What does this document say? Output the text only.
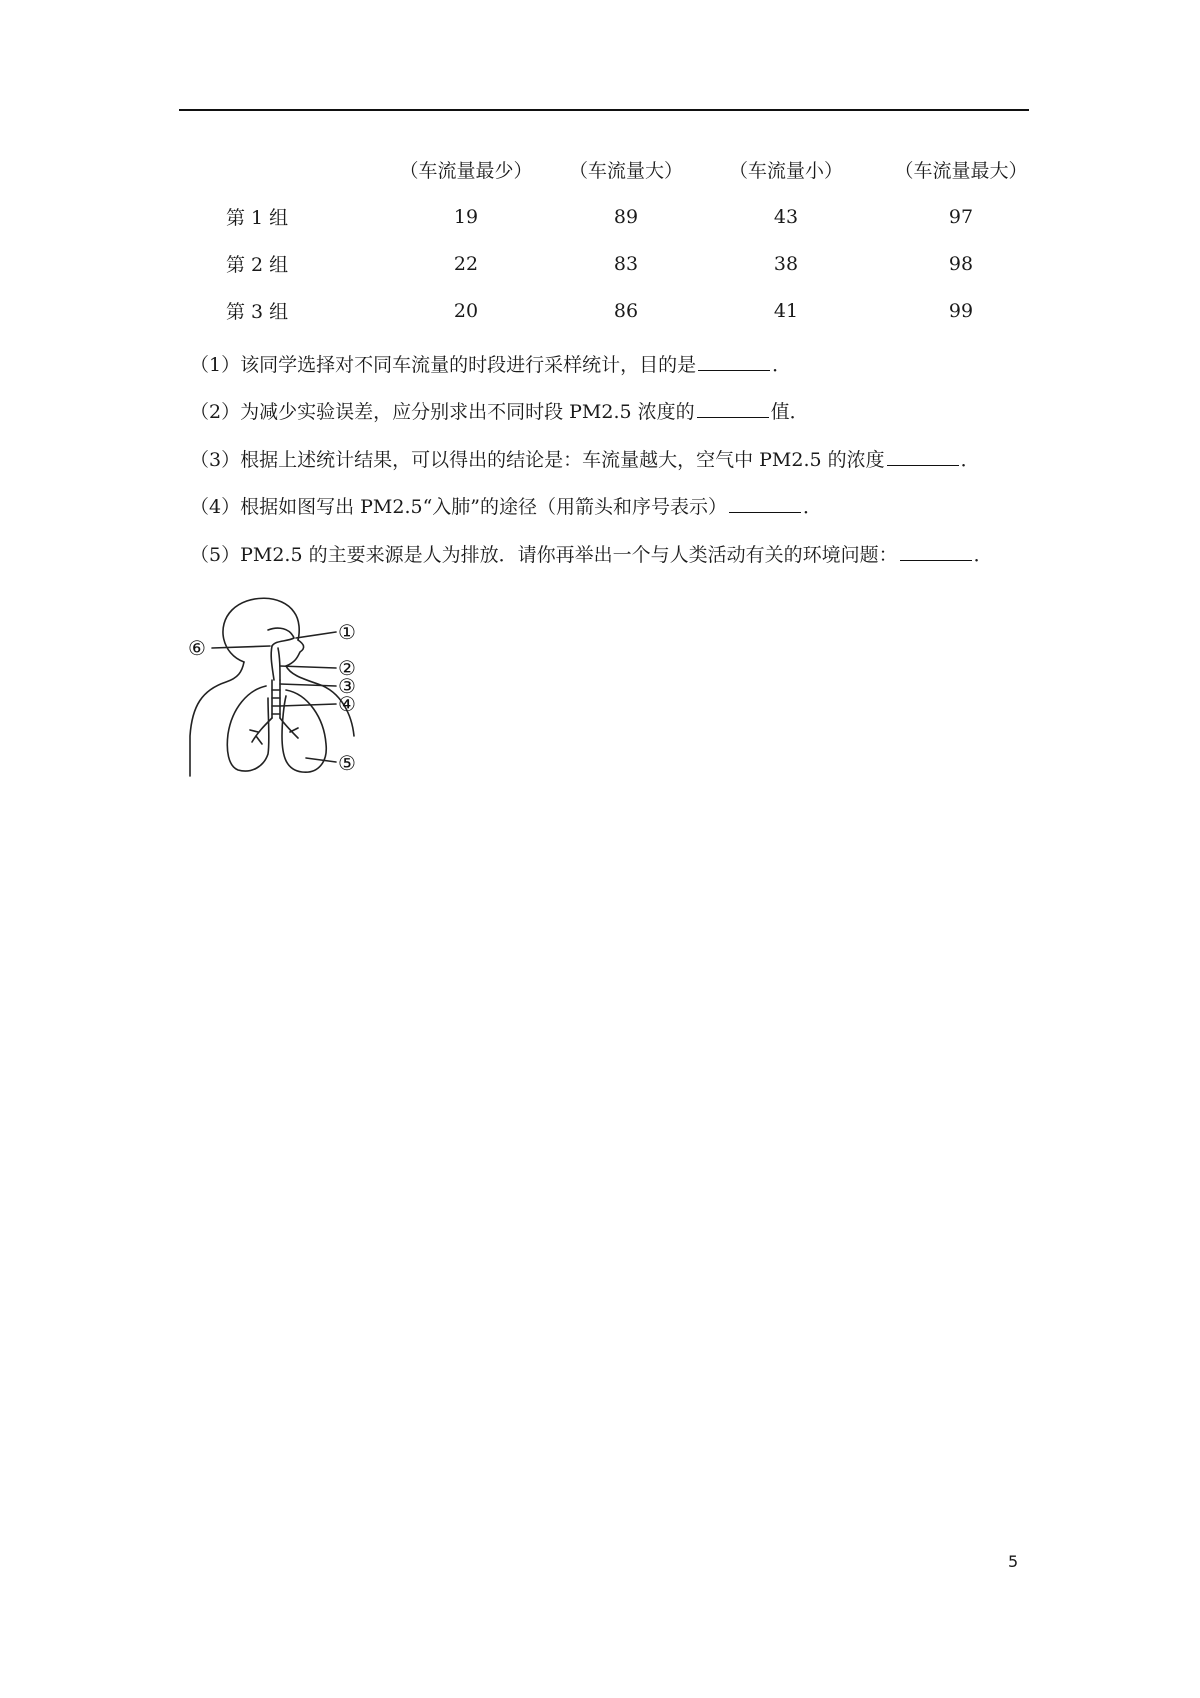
	（车流量最少）	（车流量大）	（车流量小）	（车流量最大）
第 1 组	19	89	43	97
第 2 组	22	83	38	98
第 3 组	20	86	41	99
（1）该同学选择对不同车流量的时段进行采样统计，目的是	．
（2）为减少实验误差，应分别求出不同时段 PM2.5 浓度的	值．
（3）根据上述统计结果，可以得出的结论是：车流量越大，空气中 PM2.5 的浓度	．
（4）根据如图写出 PM2.5“入肺”的途径（用箭头和序号表示）	．
（5）PM2.5 的主要来源是人为排放．请你再举出一个与人类活动有关的环境问题：	．
①
②
③
④
⑤
⑥
5
